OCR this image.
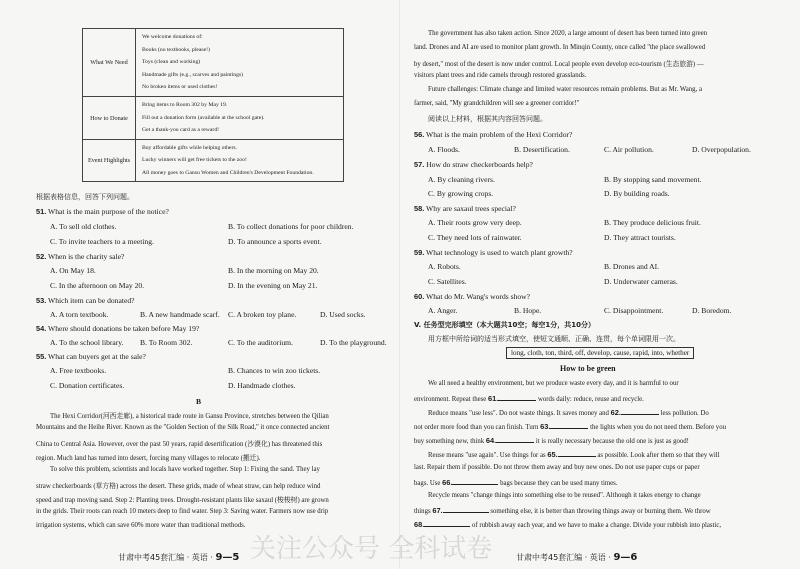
What We Need	We welcome donations of:
Books (no textbooks, please!)
Toys (clean and working)
Handmade gifts (e.g., scarves and paintings)
No broken items or used clothes!

How to Donate	Bring items to Room 302 by May 19.
Fill out a donation form (available at the school gate).
Get a thank-you card as a reward!

Event Highlights	Buy affordable gifts while helping others.
Lucky winners will get free tickets to the zoo!
All money goes to Gansu Women and Children's Development Foundation.
根据表格信息，回答下列问题。
51. What is the main purpose of the notice?
A. To sell old clothes.	B. To collect donations for poor children.
C. To invite teachers to a meeting.	D. To announce a sports event.
52. When is the charity sale?
A. On May 18.	B. In the morning on May 20.
C. In the afternoon on May 20.	D. In the evening on May 21.
53. Which item can be donated?
A. A torn textbook.	B. A new handmade scarf. C. A broken toy plane.	D. Used socks.
54. Where should donations be taken before May 19?
A. To the school library. B. To Room 302.	C. To the auditorium.	D. To the playground.
55. What can buyers get at the sale?
A. Free textbooks.	B. Chances to win zoo tickets.
C. Donation certificates.	D. Handmade clothes.
B
The Hexi Corridor(河西走廊), a historical trade route in Gansu Province, stretches between the Qilian
Mountains and the Heihe River. Known as the "Golden Section of the Silk Road," it once connected ancient
China to Central Asia. However, over the past 50 years, rapid desertification (沙漠化) has threatened this
region. Much land has turned into desert, forcing many villages to relocate (搬迁).
To solve this problem, scientists and locals have worked together. Step 1: Fixing the sand. They lay
straw checkerboards (草方格) across the desert. These grids, made of wheat straw, can help reduce wind
speed and trap moving sand. Step 2: Planting trees. Drought-resistant plants like saxaul (梭梭树) are grown
in the grids. Their roots can reach 10 meters deep to find water. Step 3: Saving water. Farmers now use drip
irrigation systems, which can save 60% more water than traditional methods.
甘肃中考45套汇编 · 英语 · 9—5
The government has also taken action. Since 2020, a large amount of desert has been turned into green
land. Drones and AI are used to monitor plant growth. In Minqin County, once called "the place swallowed
by desert," most of the desert is now under control. Local people even develop eco-tourism (生态旅游) —
visitors plant trees and ride camels through restored grasslands.
Future challenges: Climate change and limited water resources remain problems. But as Mr. Wang, a
farmer, said, "My grandchildren will see a greener corridor!"
阅读以上材料，根据其内容回答问题。
56. What is the main problem of the Hexi Corridor?
A. Floods.	B. Desertification.	C. Air pollution.	D. Overpopulation.
57. How do straw checkerboards help?
A. By cleaning rivers.	B. By stopping sand movement.
C. By growing crops.	D. By building roads.
58. Why are saxaul trees special?
A. Their roots grow very deep.	B. They produce delicious fruit.
C. They need lots of rainwater.	D. They attract tourists.
59. What technology is used to watch plant growth?
A. Robots.	B. Drones and AI.
C. Satellites.	D. Underwater cameras.
60. What do Mr. Wang's words show?
A. Anger.	B. Hope.	C. Disappointment.	D. Boredom.
V. 任务型完形填空（本大题共10空；每空1分，共10分）
用方框中所给词的适当形式填空，使短文通顺、正确、连贯，每个单词限用一次。
long, cloth, ton, third, off, develop, cause, rapid, into, whether
How to be green
We all need a healthy environment, but we produce waste every day, and it is harmful to our
environment. Repeat these 61.	words daily: reduce, reuse and recycle.
Reduce means "use less". Do not waste things. It saves money and 62.	less pollution. Do
not order more food than you can finish. Turn 63.	the lights when you do not need them. Before you
buy something new, think 64.	it is really necessary because the old one is just as good!
Reuse means "use again". Use things for as 65.	as possible. Look after them so that they will
last. Repair them if possible. Do not throw them away and buy new ones. Do not use paper cups or paper
bags. Use 66.	bags because they can be used many times.
Recycle means "change things into something else to be reused". Although it takes energy to change
things 67.	something else, it is better than throwing things away or burning them. We throw
68.	of rubbish away each year, and we have to make a change. Divide your rubbish into plastic,
甘肃中考45套汇编 · 英语 · 9—6
关注公众号 全科试卷
